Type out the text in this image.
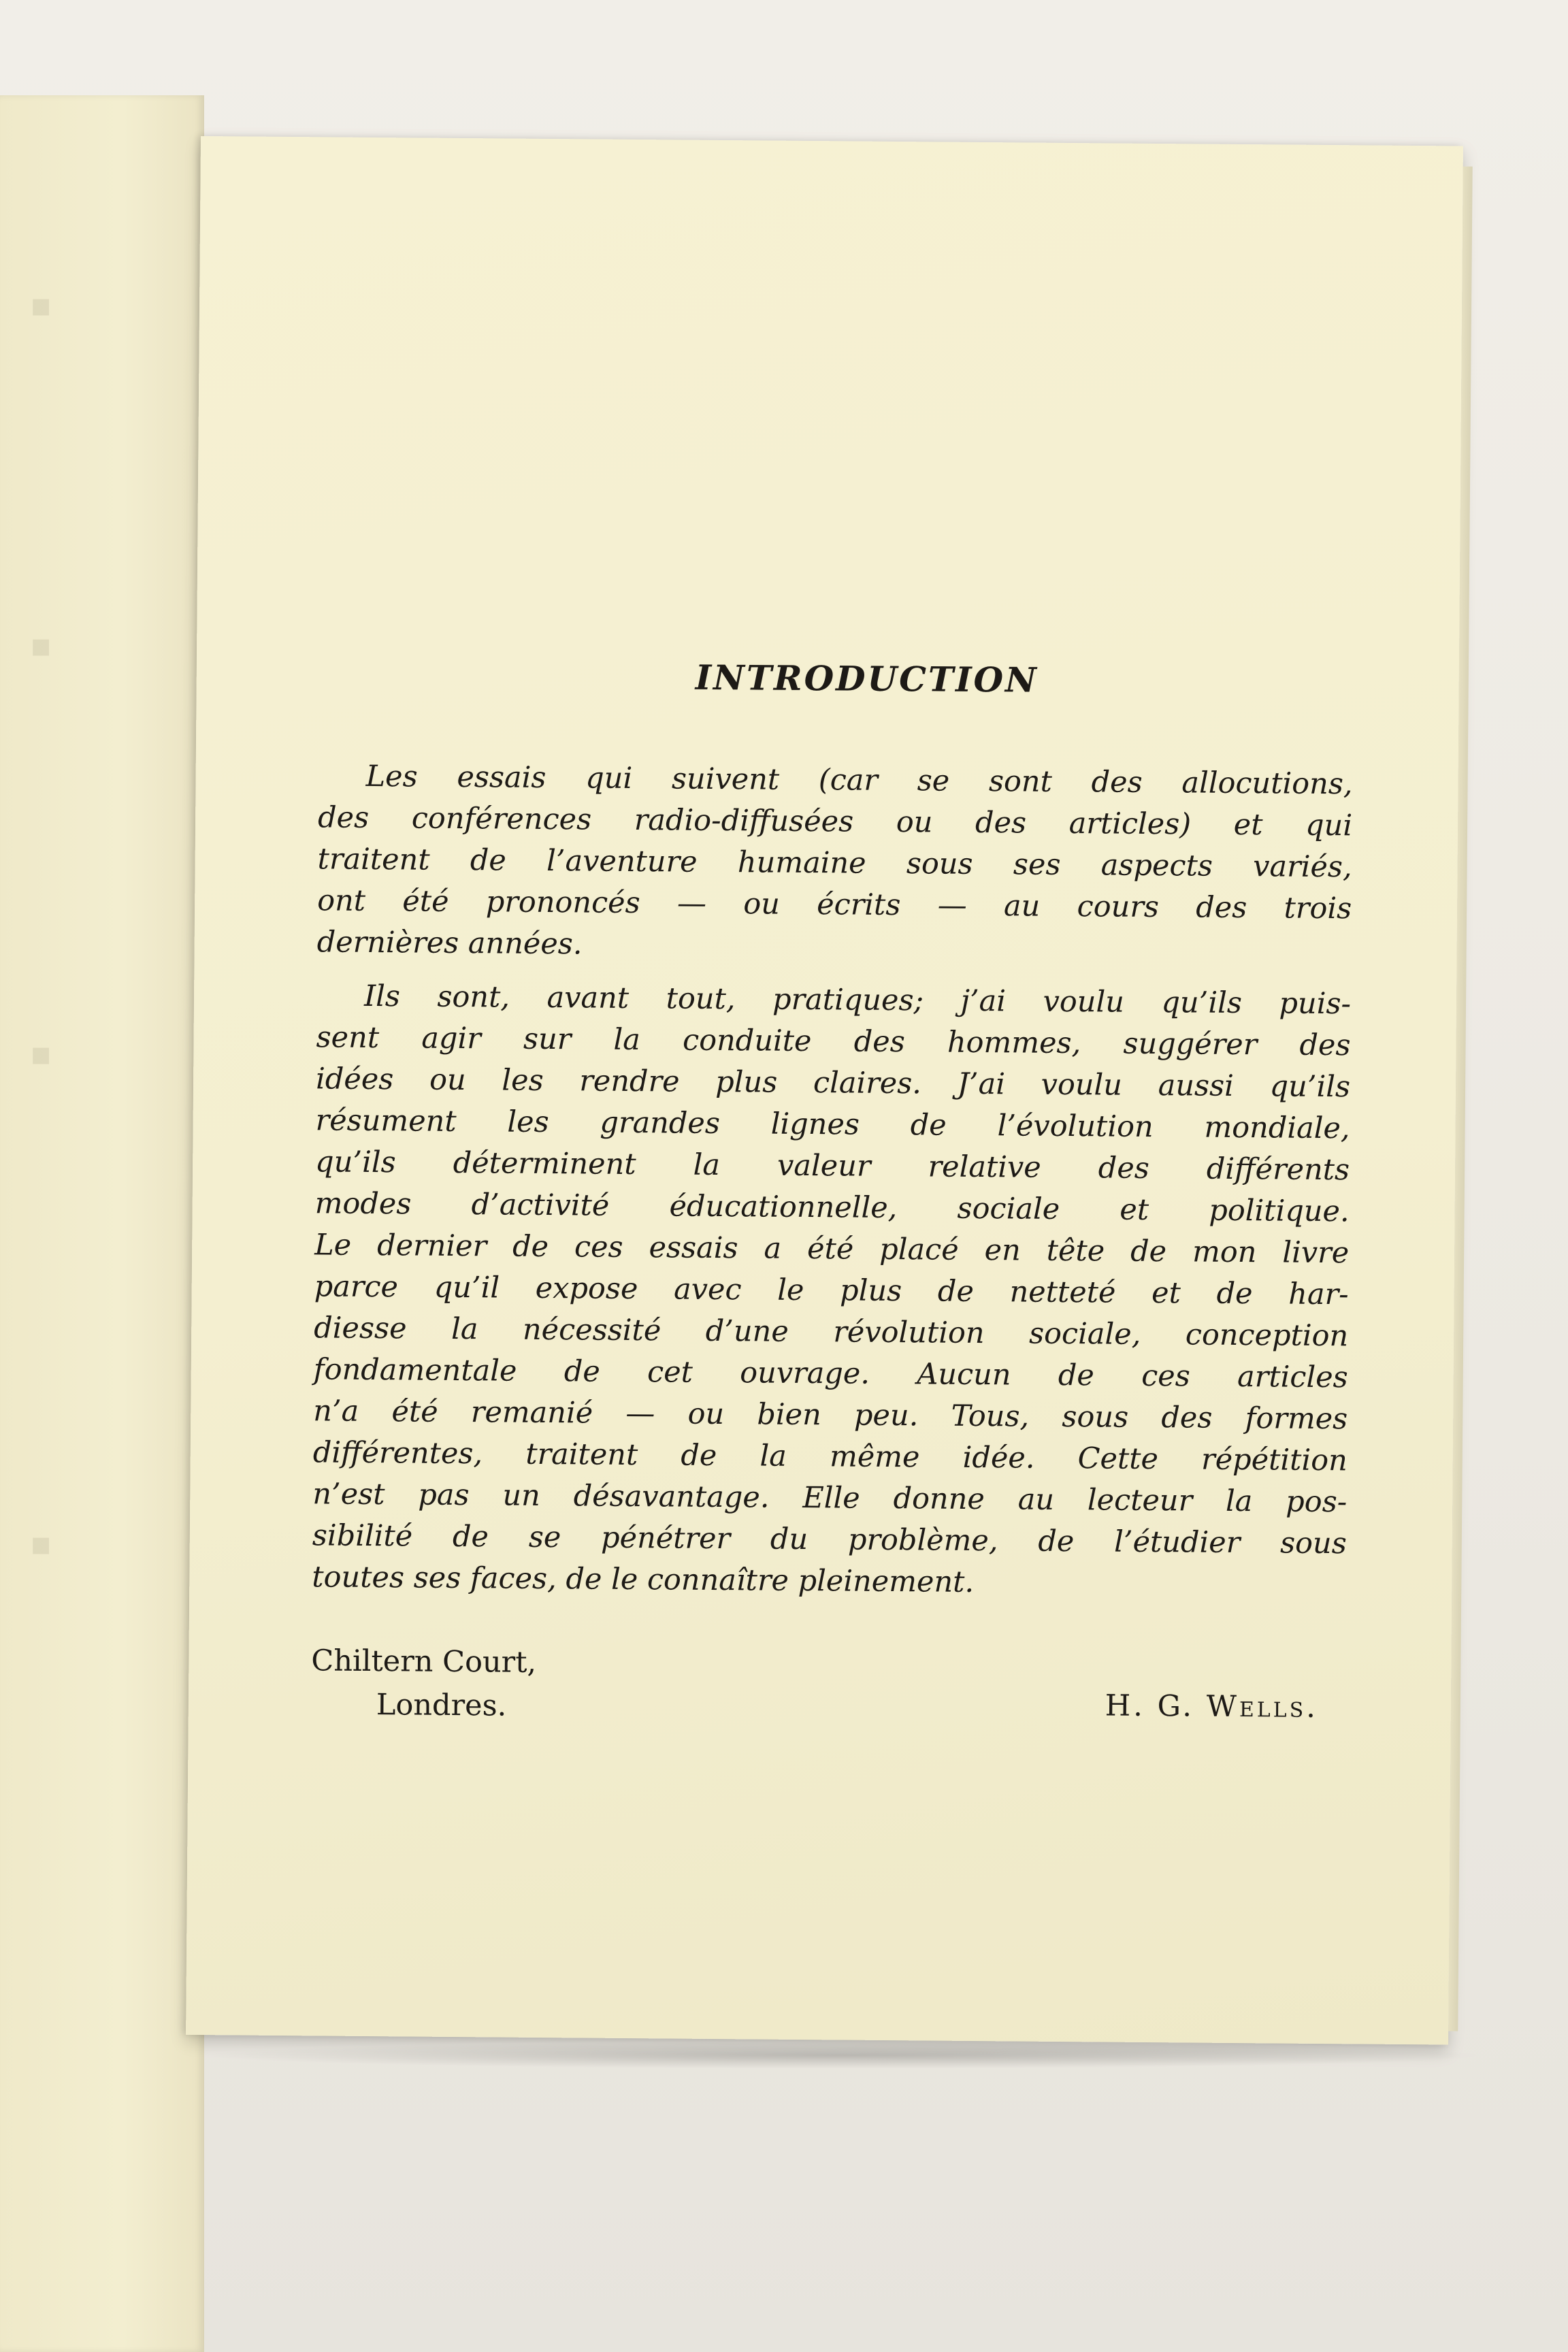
▪
▪
▪
▪
INTRODUCTION

Les essais qui suivent (car se sont des allocutions,
des conférences radio-diffusées ou des articles) et qui
traitent de l’aventure humaine sous ses aspects variés,
ont été prononcés — ou écrits — au cours des trois
dernières années.

Ils sont, avant tout, pratiques; j’ai voulu qu’ils puis-
sent agir sur la conduite des hommes, suggérer des
idées ou les rendre plus claires. J’ai voulu aussi qu’ils
résument les grandes lignes de l’évolution mondiale,
qu’ils déterminent la valeur relative des différents
modes d’activité éducationnelle, sociale et politique.
Le dernier de ces essais a été placé en tête de mon livre
parce qu’il expose avec le plus de netteté et de har-
diesse la nécessité d’une révolution sociale, conception
fondamentale de cet ouvrage. Aucun de ces articles
n’a été remanié — ou bien peu. Tous, sous des formes
différentes, traitent de la même idée. Cette répétition
n’est pas un désavantage. Elle donne au lecteur la pos-
sibilité de se pénétrer du problème, de l’étudier sous
toutes ses faces, de le connaître pleinement.

Chiltern Court,
Londres.	H. G. Wells.
